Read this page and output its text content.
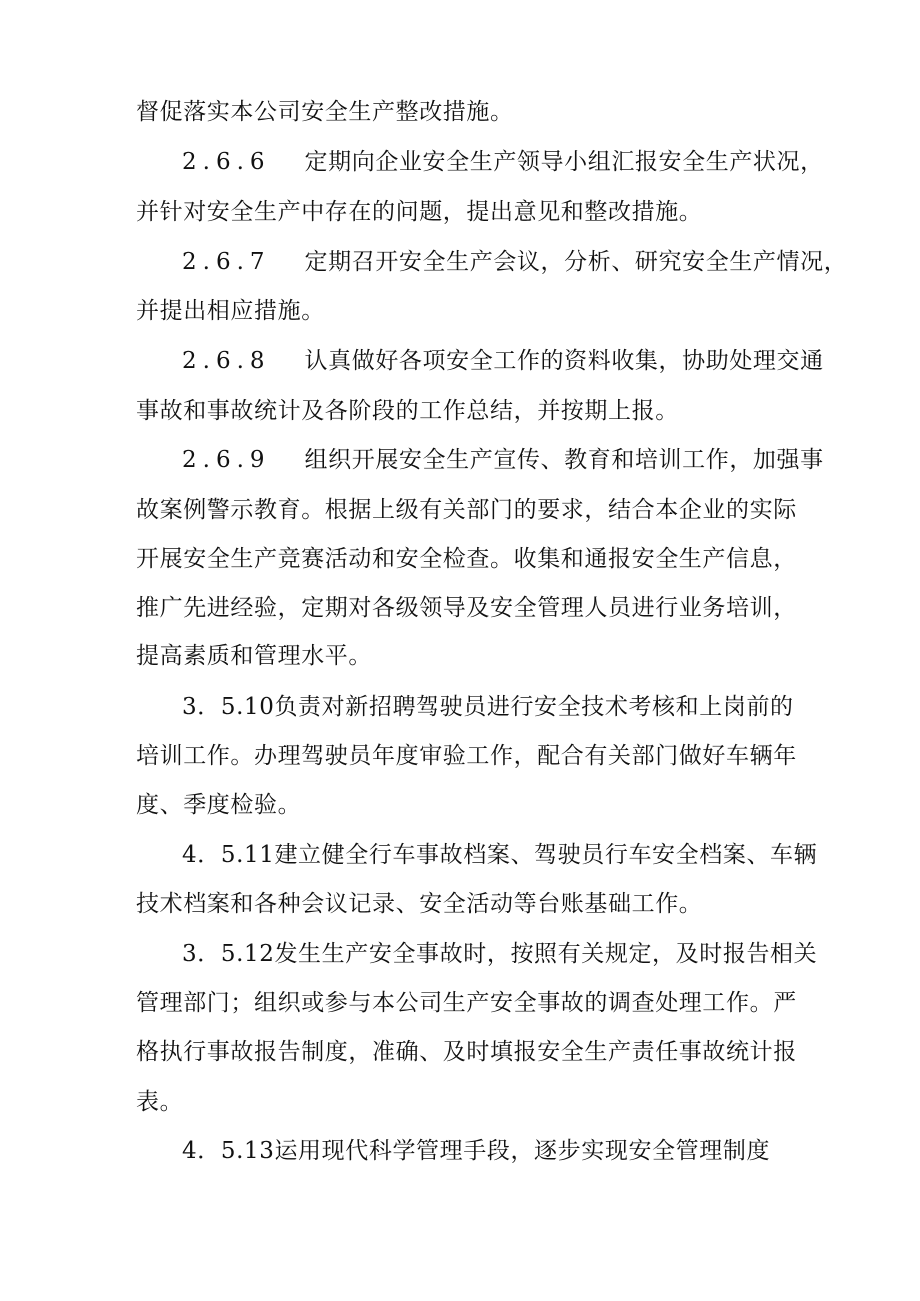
督促落实本公司安全生产整改措施。
2.6.6 定期向企业安全生产领导小组汇报安全生产状况，
并针对安全生产中存在的问题，提出意见和整改措施。
2.6.7 定期召开安全生产会议，分析、研究安全生产情况，
并提出相应措施。
2.6.8 认真做好各项安全工作的资料收集，协助处理交通
事故和事故统计及各阶段的工作总结，并按期上报。
2.6.9 组织开展安全生产宣传、教育和培训工作，加强事
故案例警示教育。根据上级有关部门的要求，结合本企业的实际
开展安全生产竞赛活动和安全检查。收集和通报安全生产信息，
推广先进经验，定期对各级领导及安全管理人员进行业务培训，
提高素质和管理水平。
3．5.10负责对新招聘驾驶员进行安全技术考核和上岗前的
培训工作。办理驾驶员年度审验工作，配合有关部门做好车辆年
度、季度检验。
4．5.11建立健全行车事故档案、驾驶员行车安全档案、车辆
技术档案和各种会议记录、安全活动等台账基础工作。
3．5.12发生生产安全事故时，按照有关规定，及时报告相关
管理部门；组织或参与本公司生产安全事故的调查处理工作。严
格执行事故报告制度，准确、及时填报安全生产责任事故统计报
表。
4．5.13运用现代科学管理手段，逐步实现安全管理制度
